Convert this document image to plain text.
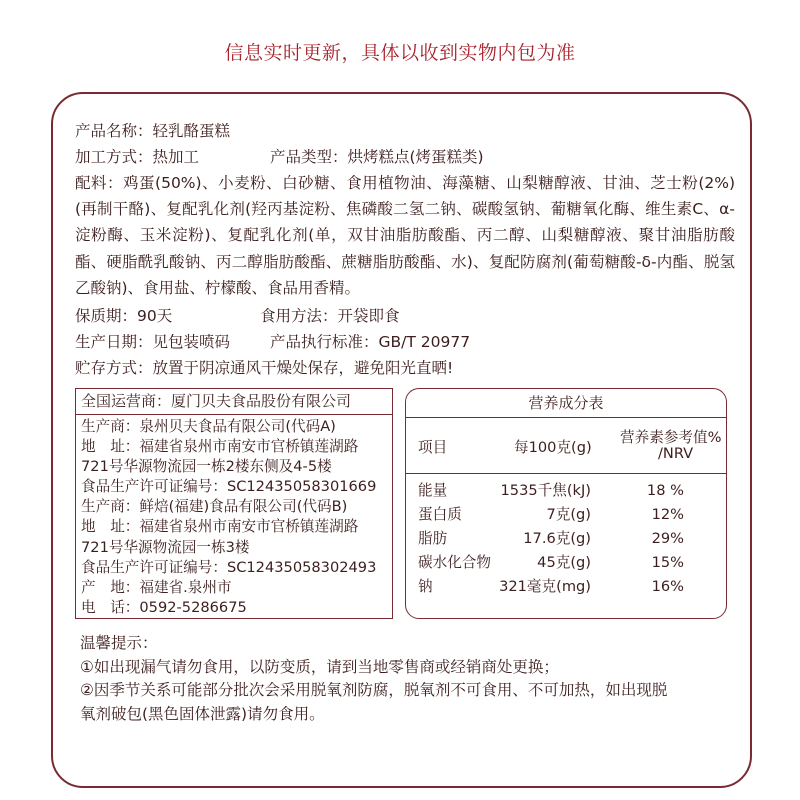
信息实时更新，具体以收到实物内包为准
产品名称：轻乳酪蛋糕
加工方式：热加工	产品类型：烘烤糕点(烤蛋糕类)
配料：鸡蛋(50%)、小麦粉、白砂糖、食用植物油、海藻糖、山梨糖醇液、甘油、芝士粉(2%)(再制干酪)、复配乳化剂(羟丙基淀粉、焦磷酸二氢二钠、碳酸氢钠、葡糖氧化酶、维生素C、α-淀粉酶、玉米淀粉)、复配乳化剂(单，双甘油脂肪酸酯、丙二醇、山梨糖醇液、聚甘油脂肪酸酯、硬脂酰乳酸钠、丙二醇脂肪酸酯、蔗糖脂肪酸酯、水)、复配防腐剂(葡萄糖酸-δ-内酯、脱氢乙酸钠)、食用盐、柠檬酸、食品用香精。
保质期：90天	食用方法：开袋即食
生产日期：见包装喷码	产品执行标准：GB/T 20977
贮存方式：放置于阴凉通风干燥处保存，避免阳光直晒!
全国运营商：厦门贝夫食品股份有限公司
生产商：泉州贝夫食品有限公司(代码A)
地　址：福建省泉州市南安市官桥镇莲湖路
721号华源物流园一栋2楼东侧及4-5楼
食品生产许可证编号：SC12435058301669
生产商：鲜焙(福建)食品有限公司(代码B)
地　址：福建省泉州市南安市官桥镇莲湖路
721号华源物流园一栋3楼
食品生产许可证编号：SC12435058302493
产　地：福建省.泉州市
电　话：0592-5286675
营养成分表
项目	每100克(g)
营养素参考值%
/NRV
能量	1535千焦(kJ)	18 %
蛋白质	7克(g)	12%
脂肪	17.6克(g)	29%
碳水化合物	45克(g)	15%
钠	321毫克(mg)	16%
温馨提示：
①如出现漏气请勿食用，以防变质，请到当地零售商或经销商处更换；
②因季节关系可能部分批次会采用脱氧剂防腐，脱氧剂不可食用、不可加热，如出现脱
氧剂破包(黑色固体泄露)请勿食用。
